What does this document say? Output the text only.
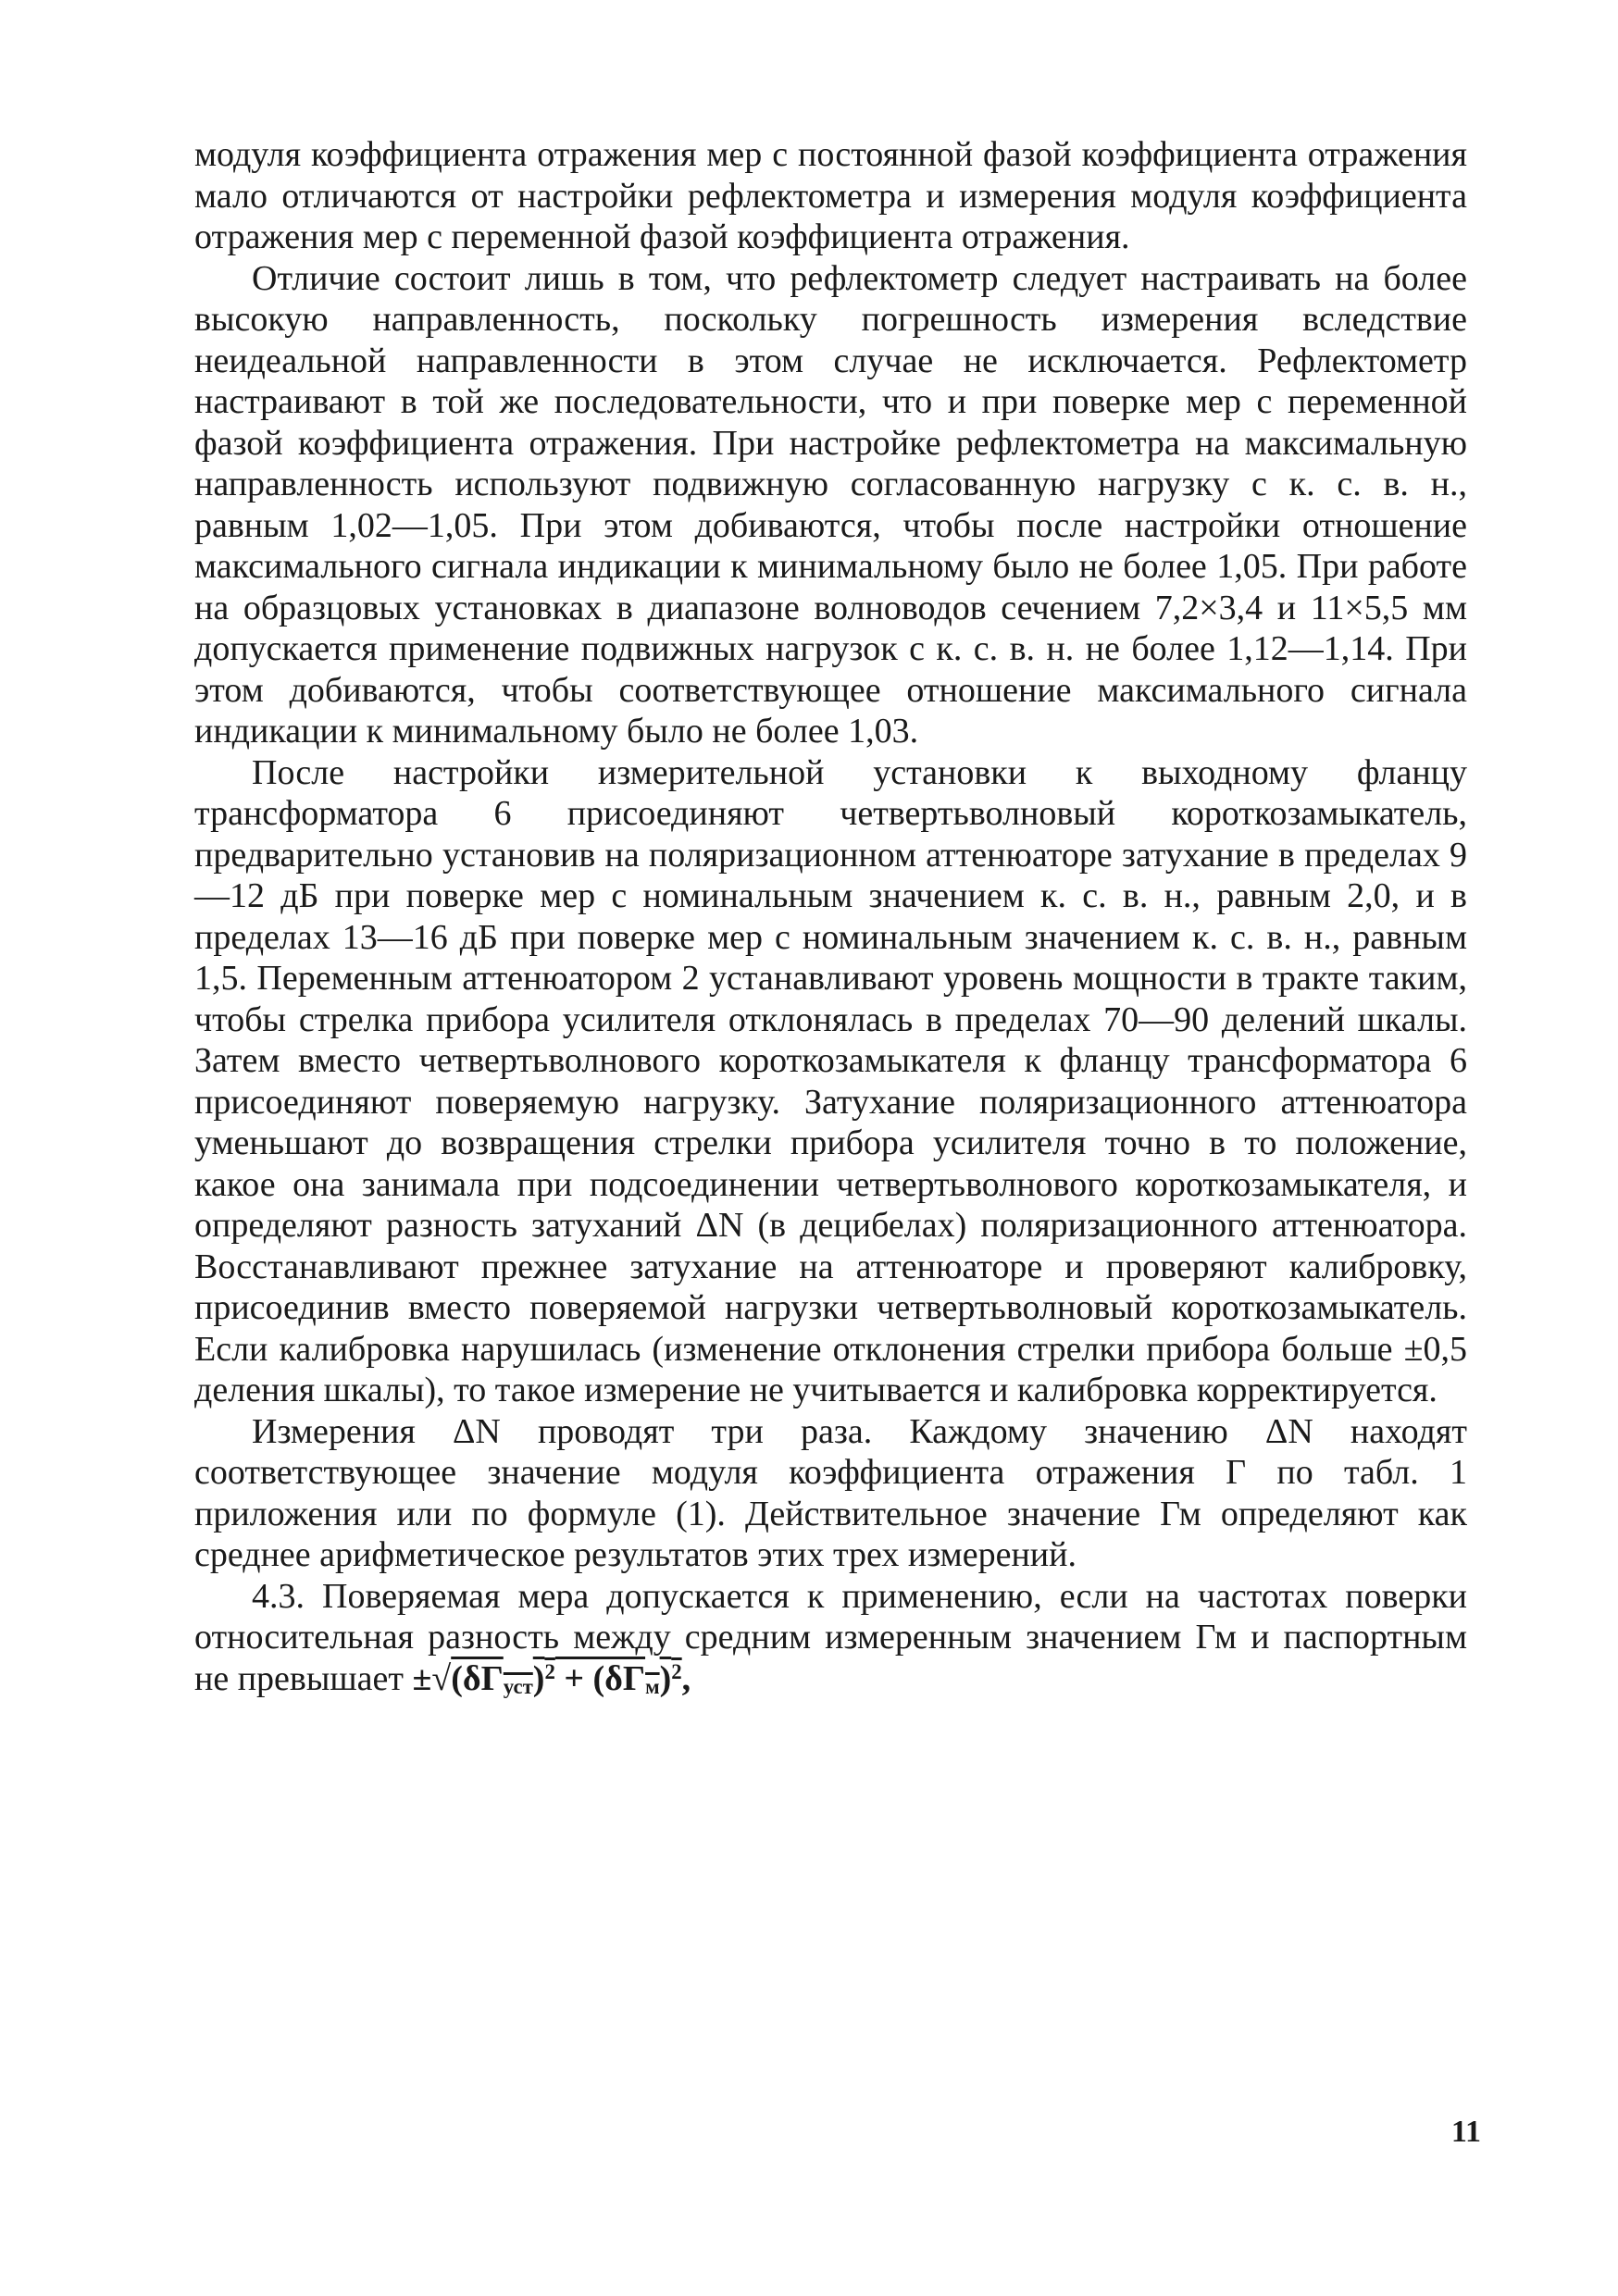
модуля коэффициента отражения мер с постоянной фазой коэффициента отражения мало отличаются от настройки рефлектометра и измерения модуля коэффициента отражения мер с переменной фазой коэффициента отражения.

Отличие состоит лишь в том, что рефлектометр следует настраивать на более высокую направленность, поскольку погрешность измерения вследствие неидеальной направленности в этом случае не исключается. Рефлектометр настраивают в той же последовательности, что и при поверке мер с переменной фазой коэффициента отражения. При настройке рефлектометра на максимальную направленность используют подвижную согласованную нагрузку с к. с. в. н., равным 1,02—1,05. При этом добиваются, чтобы после настройки отношение максимального сигнала индикации к минимальному было не более 1,05. При работе на образцовых установках в диапазоне волноводов сечением 7,2×3,4 и 11×5,5 мм допускается применение подвижных нагрузок с к. с. в. н. не более 1,12—1,14. При этом добиваются, чтобы соответствующее отношение максимального сигнала индикации к минимальному было не более 1,03.

После настройки измерительной установки к выходному фланцу трансформатора 6 присоединяют четвертьволновый короткозамыкатель, предварительно установив на поляризационном аттенюаторе затухание в пределах 9—12 дБ при поверке мер с номинальным значением к. с. в. н., равным 2,0, и в пределах 13—16 дБ при поверке мер с номинальным значением к. с. в. н., равным 1,5. Переменным аттенюатором 2 устанавливают уровень мощности в тракте таким, чтобы стрелка прибора усилителя отклонялась в пределах 70—90 делений шкалы. Затем вместо четвертьволнового короткозамыкателя к фланцу трансформатора 6 присоединяют поверяемую нагрузку. Затухание поляризационного аттенюатора уменьшают до возвращения стрелки прибора усилителя точно в то положение, какое она занимала при подсоединении четвертьволнового короткозамыкателя, и определяют разность затуханий ΔN (в децибелах) поляризационного аттенюатора. Восстанавливают прежнее затухание на аттенюаторе и проверяют калибровку, присоединив вместо поверяемой нагрузки четвертьволновый короткозамыкатель. Если калибровка нарушилась (изменение отклонения стрелки прибора больше ±0,5 деления шкалы), то такое измерение не учитывается и калибровка корректируется.

Измерения ΔN проводят три раза. Каждому значению ΔN находят соответствующее значение модуля коэффициента отражения Г по табл. 1 приложения или по формуле (1). Действительное значение Гм определяют как среднее арифметическое результатов этих трех измерений.

4.3. Поверяемая мера допускается к применению, если на частотах поверки относительная разность между средним измеренным значением Гм и паспортным не превышает $\pm√(\delta\Gamma_{уст})^2 + (\delta\Gamma_м)^2$,

11
